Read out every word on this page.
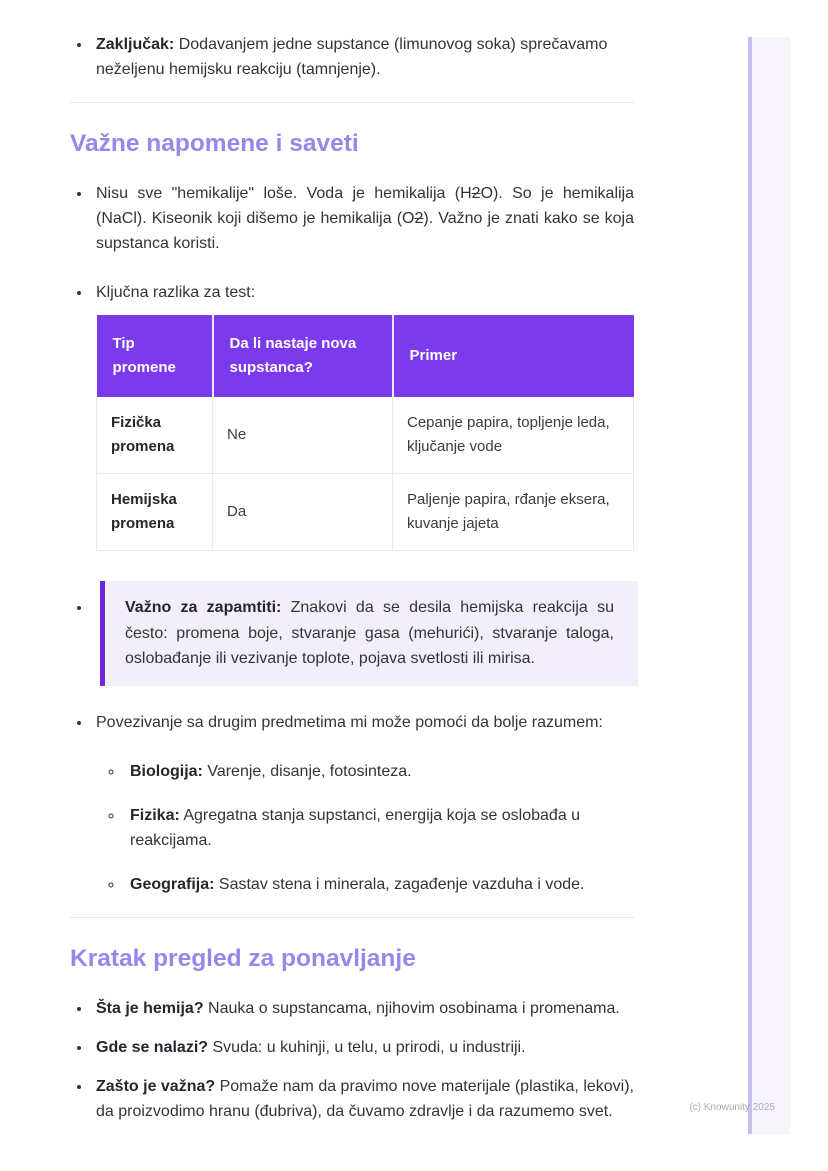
• Zaključak: Dodavanjem jedne supstance (limunovog soka) sprečavamo neželjenu hemijsku reakciju (tamnjenje).

Važne napomene i saveti

• Nisu sve "hemikalije" loše. Voda je hemikalija (H2O). So je hemikalija (NaCl). Kiseonik koji dišemo je hemikalija (O2). Važno je znati kako se koja supstanca koristi.

• Ključna razlika za test:

Tip promene	Da li nastaje nova supstanca?	Primer
Fizička promena	Ne	Cepanje papira, topljenje leda, ključanje vode
Hemijska promena	Da	Paljenje papira, rđanje eksera, kuvanje jajeta

• Važno za zapamtiti: Znakovi da se desila hemijska reakcija su često: promena boje, stvaranje gasa (mehurići), stvaranje taloga, oslobađanje ili vezivanje toplote, pojava svetlosti ili mirisa.

• Povezivanje sa drugim predmetima mi može pomoći da bolje razumem:

◦ Biologija: Varenje, disanje, fotosinteza.

◦ Fizika: Agregatna stanja supstanci, energija koja se oslobađa u reakcijama.

◦ Geografija: Sastav stena i minerala, zagađenje vazduha i vode.

Kratak pregled za ponavljanje

• Šta je hemija? Nauka o supstancama, njihovim osobinama i promenama.

• Gde se nalazi? Svuda: u kuhinji, u telu, u prirodi, u industriji.

• Zašto je važna? Pomaže nam da pravimo nove materijale (plastika, lekovi), da proizvodimo hranu (đubriva), da čuvamo zdravlje i da razumemo svet.	(c) Knowunity 2025
